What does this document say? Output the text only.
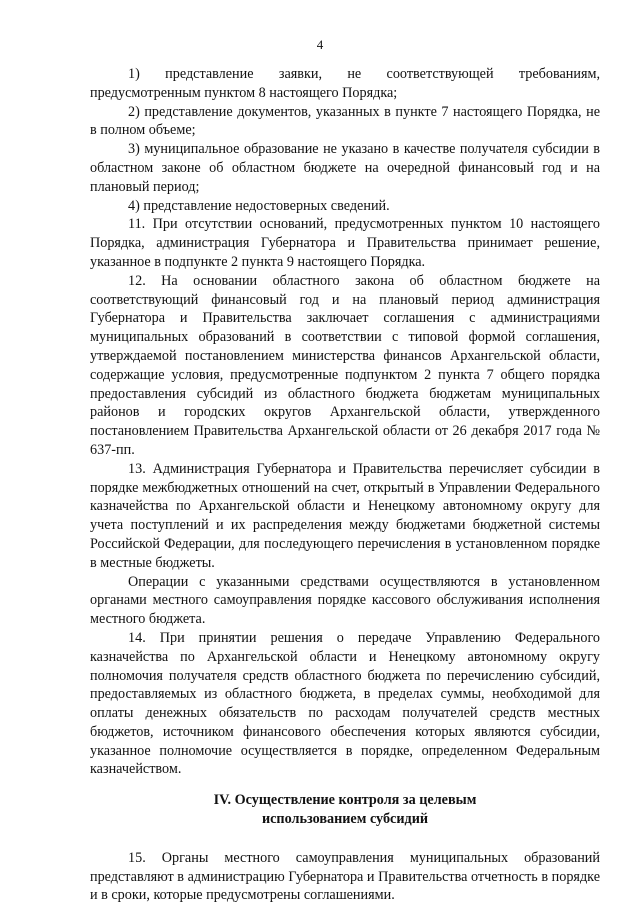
4

1) представление заявки, не соответствующей требованиям, предусмотренным пунктом 8 настоящего Порядка;

2) представление документов, указанных в пункте 7 настоящего Порядка, не в полном объеме;

3) муниципальное образование не указано в качестве получателя субсидии в областном законе об областном бюджете на очередной финансовый год и на плановый период;

4) представление недостоверных сведений.

11. При отсутствии оснований, предусмотренных пунктом 10 настоящего Порядка, администрация Губернатора и Правительства принимает решение, указанное в подпункте 2 пункта 9 настоящего Порядка.

12. На основании областного закона об областном бюджете на соответствующий финансовый год и на плановый период администрация Губернатора и Правительства заключает соглашения с администрациями муниципальных образований в соответствии с типовой формой соглашения, утверждаемой постановлением министерства финансов Архангельской области, содержащие условия, предусмотренные подпунктом 2 пункта 7 общего порядка предоставления субсидий из областного бюджета бюджетам муниципальных районов и городских округов Архангельской области, утвержденного постановлением Правительства Архангельской области от 26 декабря 2017 года № 637-пп.

13. Администрация Губернатора и Правительства перечисляет субсидии в порядке межбюджетных отношений на счет, открытый в Управлении Федерального казначейства по Архангельской области и Ненецкому автономному округу для учета поступлений и их распределения между бюджетами бюджетной системы Российской Федерации, для последующего перечисления в установленном порядке в местные бюджеты.

Операции с указанными средствами осуществляются в установленном органами местного самоуправления порядке кассового обслуживания исполнения местного бюджета.

14. При принятии решения о передаче Управлению Федерального казначейства по Архангельской области и Ненецкому автономному округу полномочия получателя средств областного бюджета по перечислению субсидий, предоставляемых из областного бюджета, в пределах суммы, необходимой для оплаты денежных обязательств по расходам получателей средств местных бюджетов, источником финансового обеспечения которых являются субсидии, указанное полномочие осуществляется в порядке, определенном Федеральным казначейством.

IV. Осуществление контроля за целевым
использованием субсидий

15. Органы местного самоуправления муниципальных образований представляют в администрацию Губернатора и Правительства отчетность в порядке и в сроки, которые предусмотрены соглашениями.
